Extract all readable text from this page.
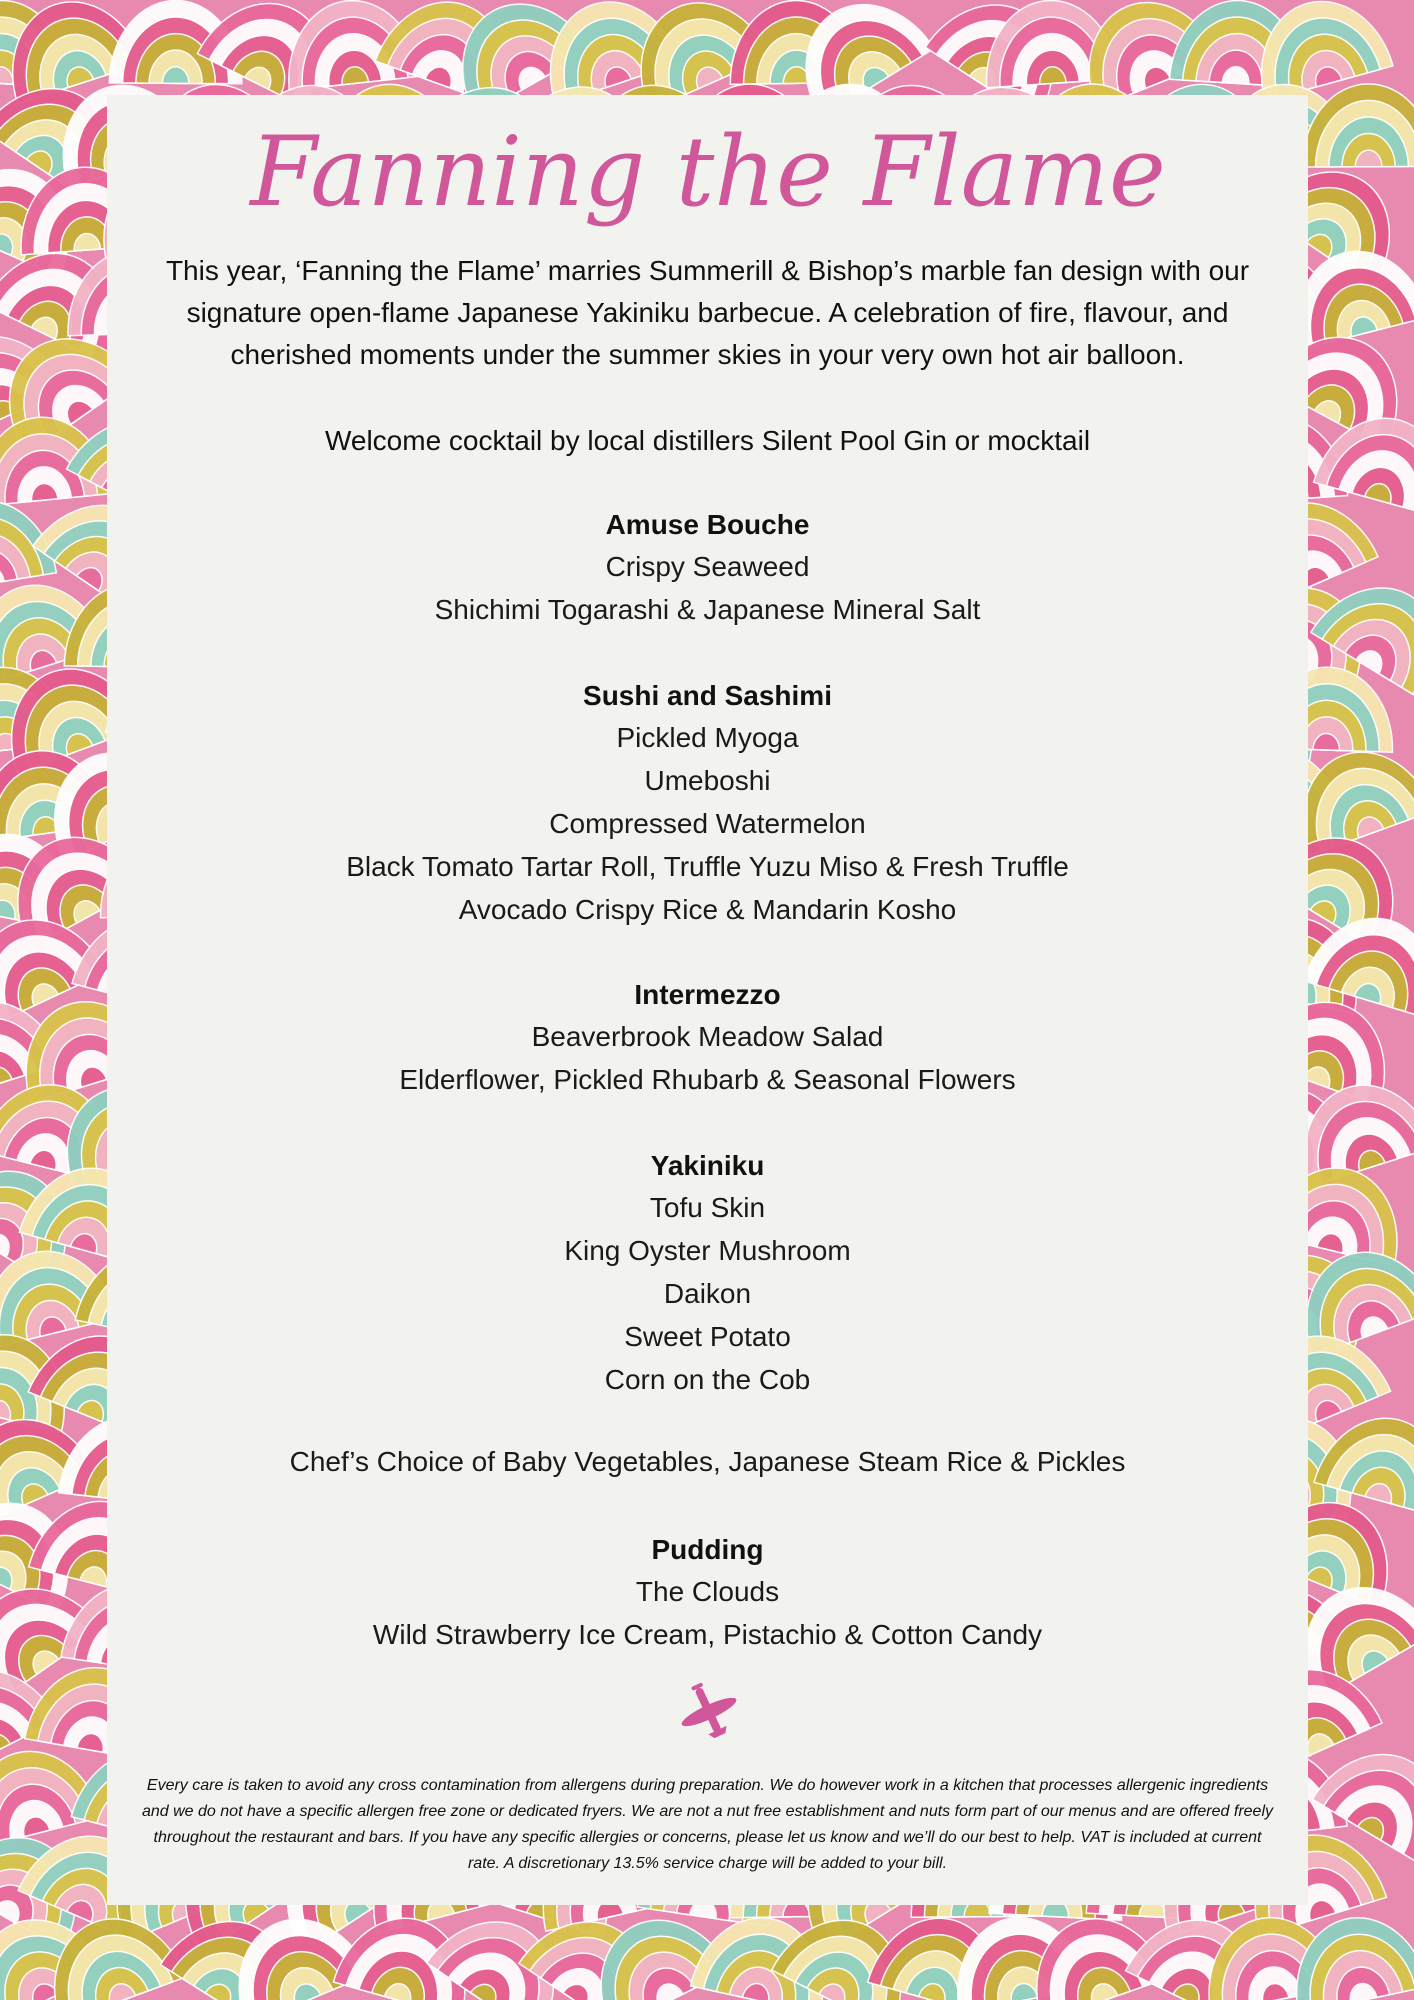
Fanning the Flame
This year, ‘Fanning the Flame’ marries Summerill & Bishop’s marble fan design with our signature open-flame Japanese Yakiniku barbecue. A celebration of fire, flavour, and cherished moments under the summer skies in your very own hot air balloon.
Welcome cocktail by local distillers Silent Pool Gin or mocktail

Amuse Bouche

Crispy Seaweed

Shichimi Togarashi & Japanese Mineral Salt

Sushi and Sashimi

Pickled Myoga

Umeboshi

Compressed Watermelon

Black Tomato Tartar Roll, Truffle Yuzu Miso & Fresh Truffle

Avocado Crispy Rice & Mandarin Kosho

Intermezzo

Beaverbrook Meadow Salad

Elderflower, Pickled Rhubarb & Seasonal Flowers

Yakiniku

Tofu Skin

King Oyster Mushroom

Daikon

Sweet Potato

Corn on the Cob

Chef’s Choice of Baby Vegetables, Japanese Steam Rice & Pickles

Pudding

The Clouds

Wild Strawberry Ice Cream, Pistachio & Cotton Candy

Every care is taken to avoid any cross contamination from allergens during preparation. We do however work in a kitchen that processes allergenic ingredients and we do not have a specific allergen free zone or dedicated fryers. We are not a nut free establishment and nuts form part of our menus and are offered freely throughout the restaurant and bars. If you have any specific allergies or concerns, please let us know and we’ll do our best to help. VAT is included at current rate. A discretionary 13.5% service charge will be added to your bill.
